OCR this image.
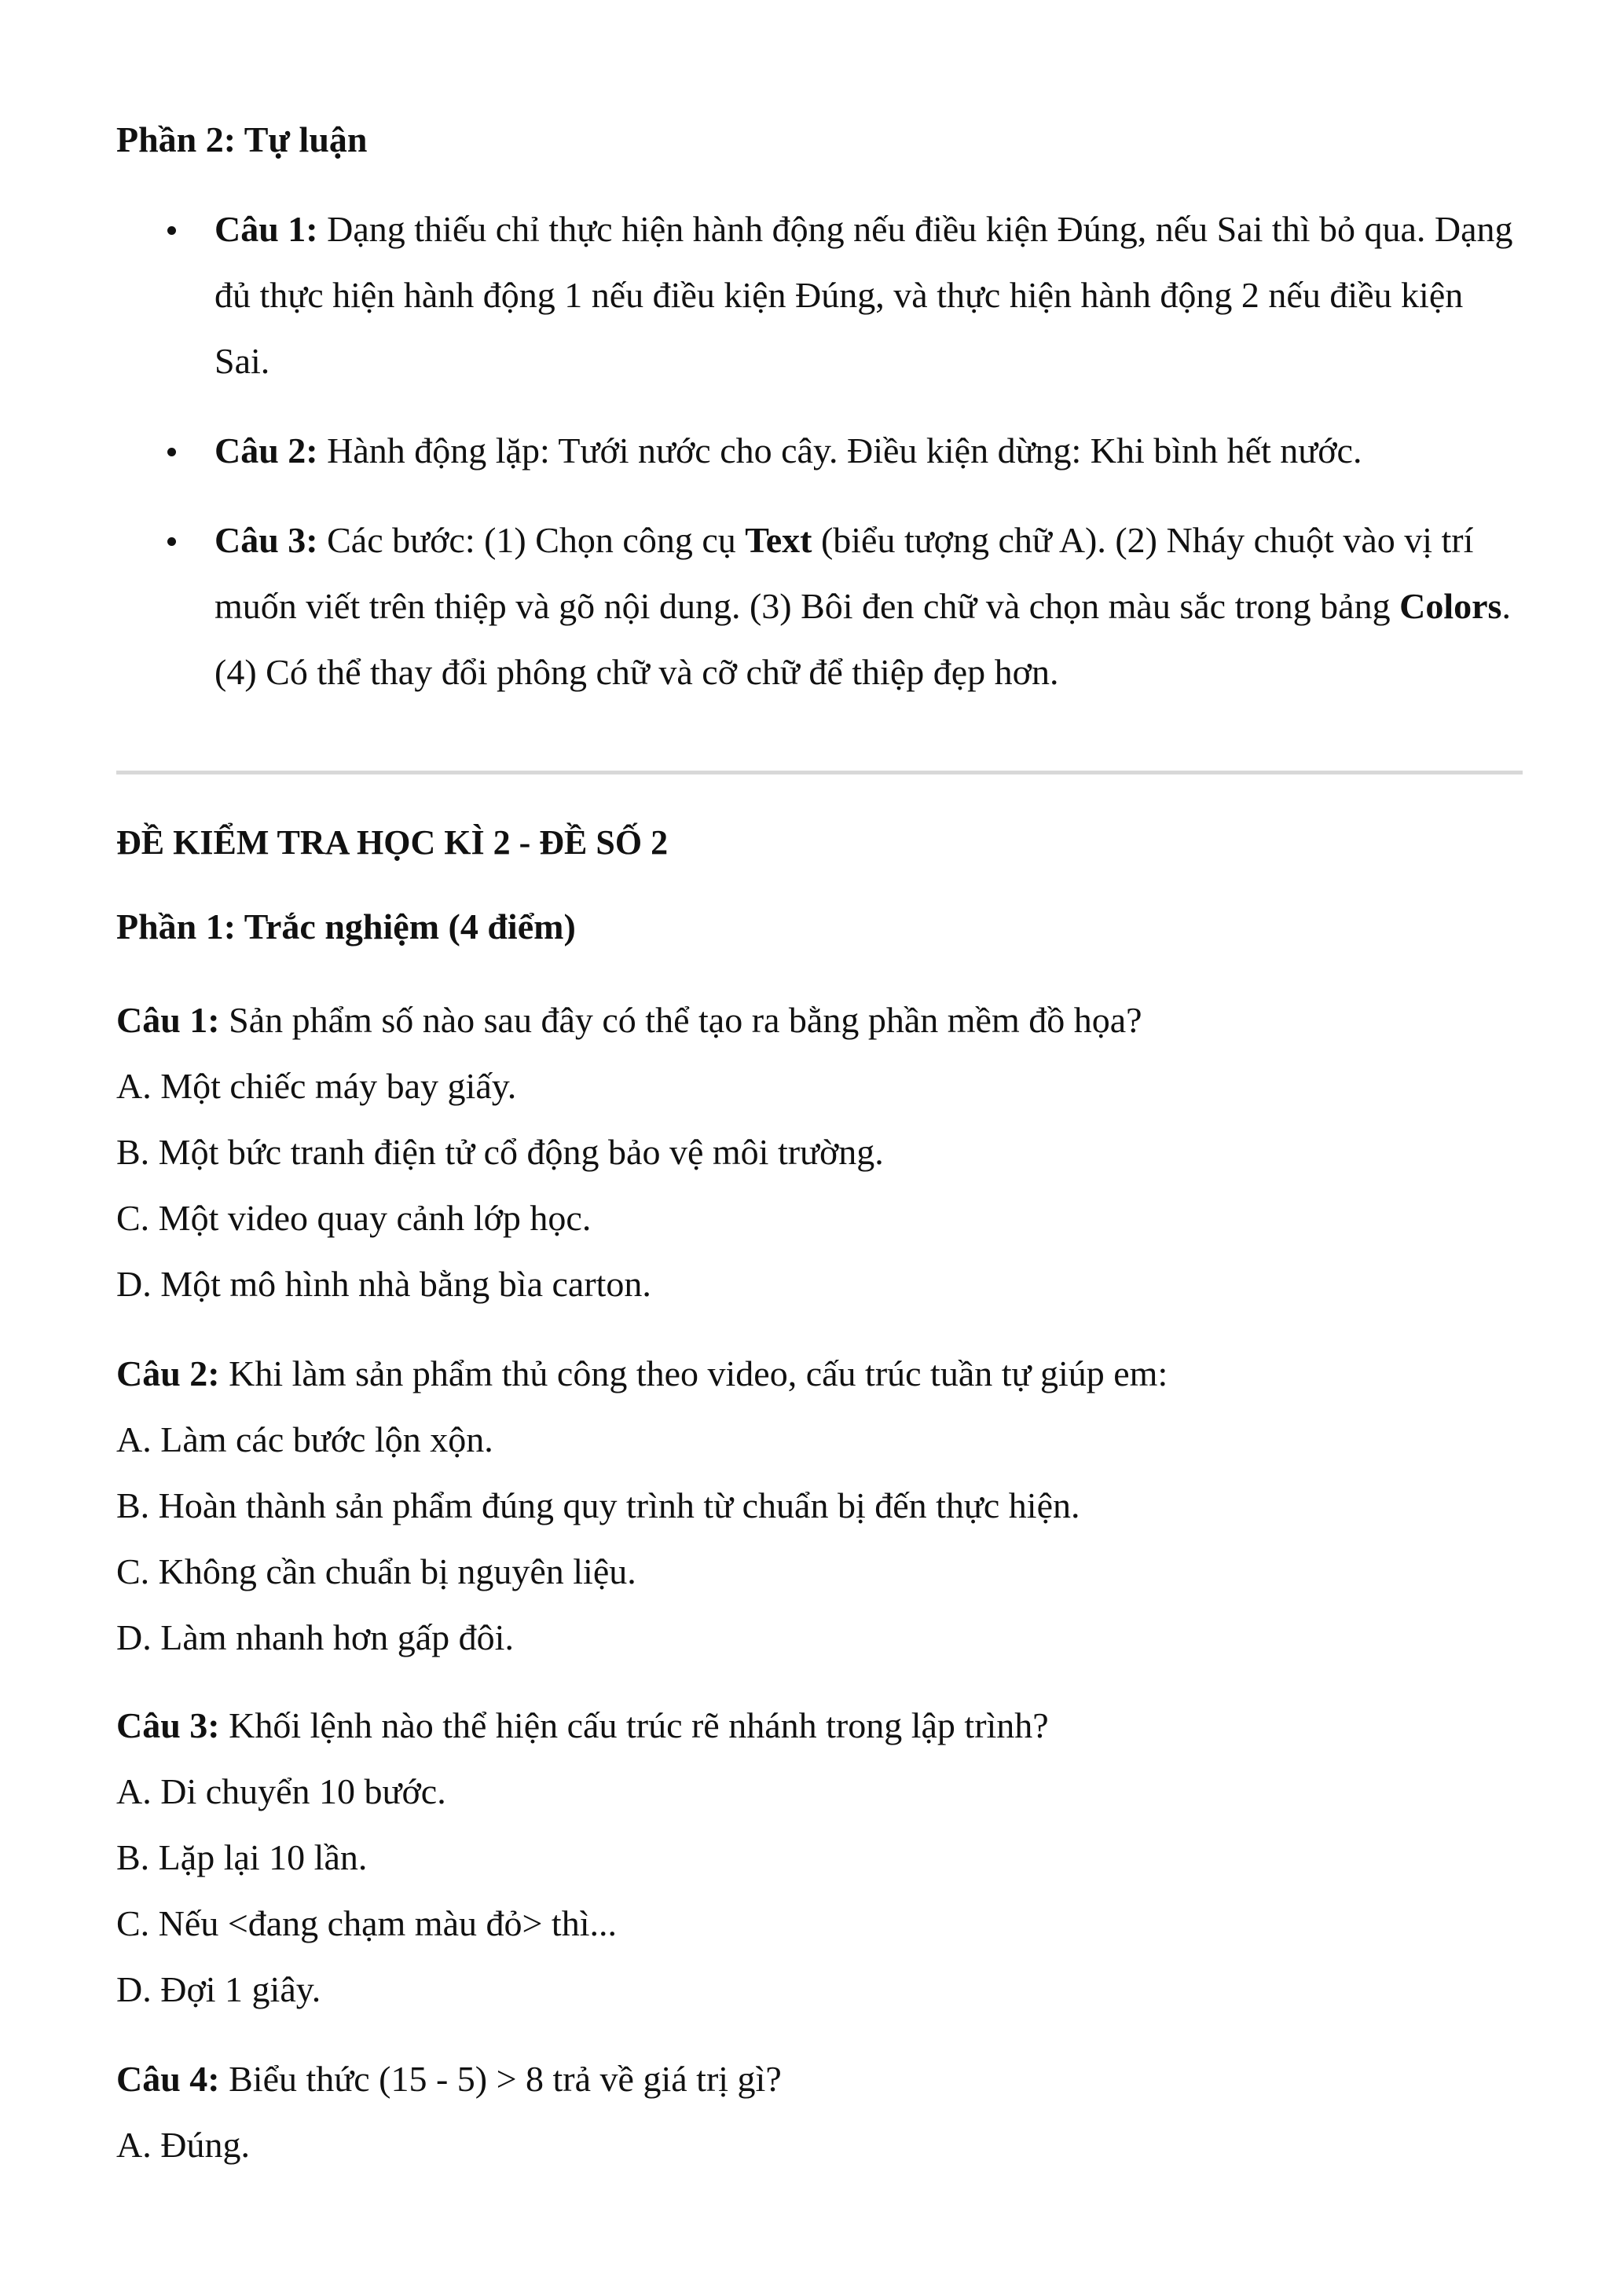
Phần 2: Tự luận
Câu 1: Dạng thiếu chỉ thực hiện hành động nếu điều kiện Đúng, nếu Sai thì bỏ qua. Dạng đủ thực hiện hành động 1 nếu điều kiện Đúng, và thực hiện hành động 2 nếu điều kiện Sai.
Câu 2: Hành động lặp: Tưới nước cho cây. Điều kiện dừng: Khi bình hết nước.
Câu 3: Các bước: (1) Chọn công cụ Text (biểu tượng chữ A). (2) Nháy chuột vào vị trí muốn viết trên thiệp và gõ nội dung. (3) Bôi đen chữ và chọn màu sắc trong bảng Colors. (4) Có thể thay đổi phông chữ và cỡ chữ để thiệp đẹp hơn.
ĐỀ KIỂM TRA HỌC KÌ 2 - ĐỀ SỐ 2
Phần 1: Trắc nghiệm (4 điểm)
Câu 1: Sản phẩm số nào sau đây có thể tạo ra bằng phần mềm đồ họa?
A. Một chiếc máy bay giấy.
B. Một bức tranh điện tử cổ động bảo vệ môi trường.
C. Một video quay cảnh lớp học.
D. Một mô hình nhà bằng bìa carton.
Câu 2: Khi làm sản phẩm thủ công theo video, cấu trúc tuần tự giúp em:
A. Làm các bước lộn xộn.
B. Hoàn thành sản phẩm đúng quy trình từ chuẩn bị đến thực hiện.
C. Không cần chuẩn bị nguyên liệu.
D. Làm nhanh hơn gấp đôi.
Câu 3: Khối lệnh nào thể hiện cấu trúc rẽ nhánh trong lập trình?
A. Di chuyển 10 bước.
B. Lặp lại 10 lần.
C. Nếu <đang chạm màu đỏ> thì...
D. Đợi 1 giây.
Câu 4: Biểu thức (15 - 5) > 8 trả về giá trị gì?
A. Đúng.
